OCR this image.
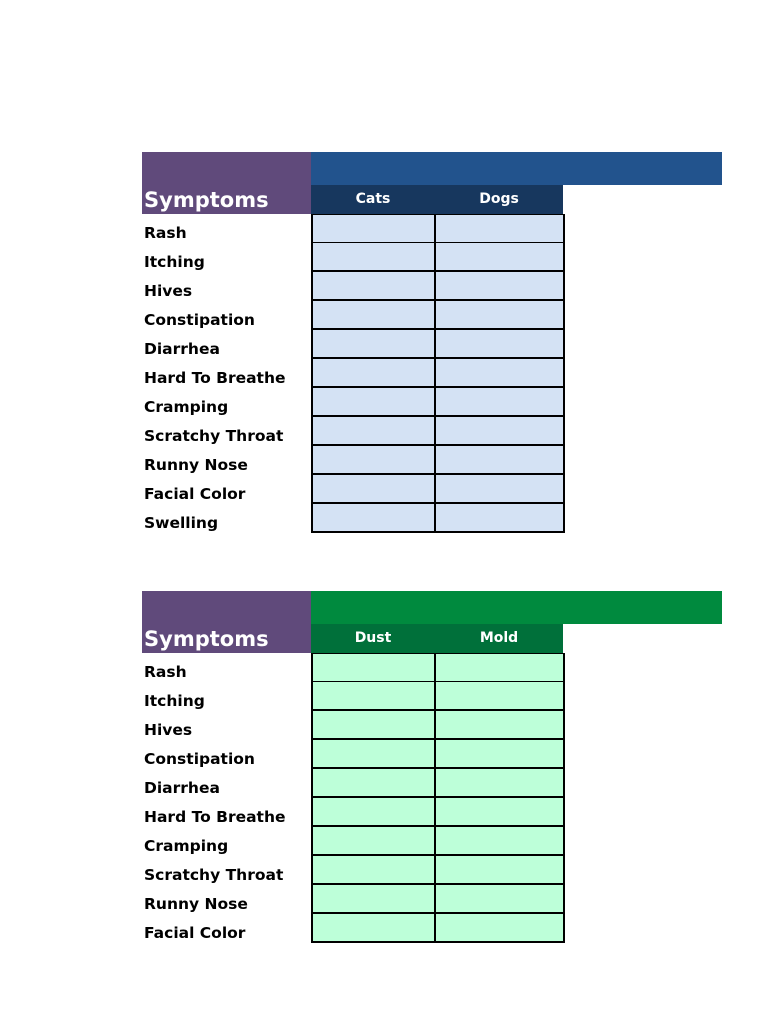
Symptoms	Cats	Dogs
Rash
Itching
Hives
Constipation
Diarrhea
Hard To Breathe
Cramping
Scratchy Throat
Runny Nose
Facial Color
Swelling
Symptoms	Dust	Mold
Rash
Itching
Hives
Constipation
Diarrhea
Hard To Breathe
Cramping
Scratchy Throat
Runny Nose
Facial Color
